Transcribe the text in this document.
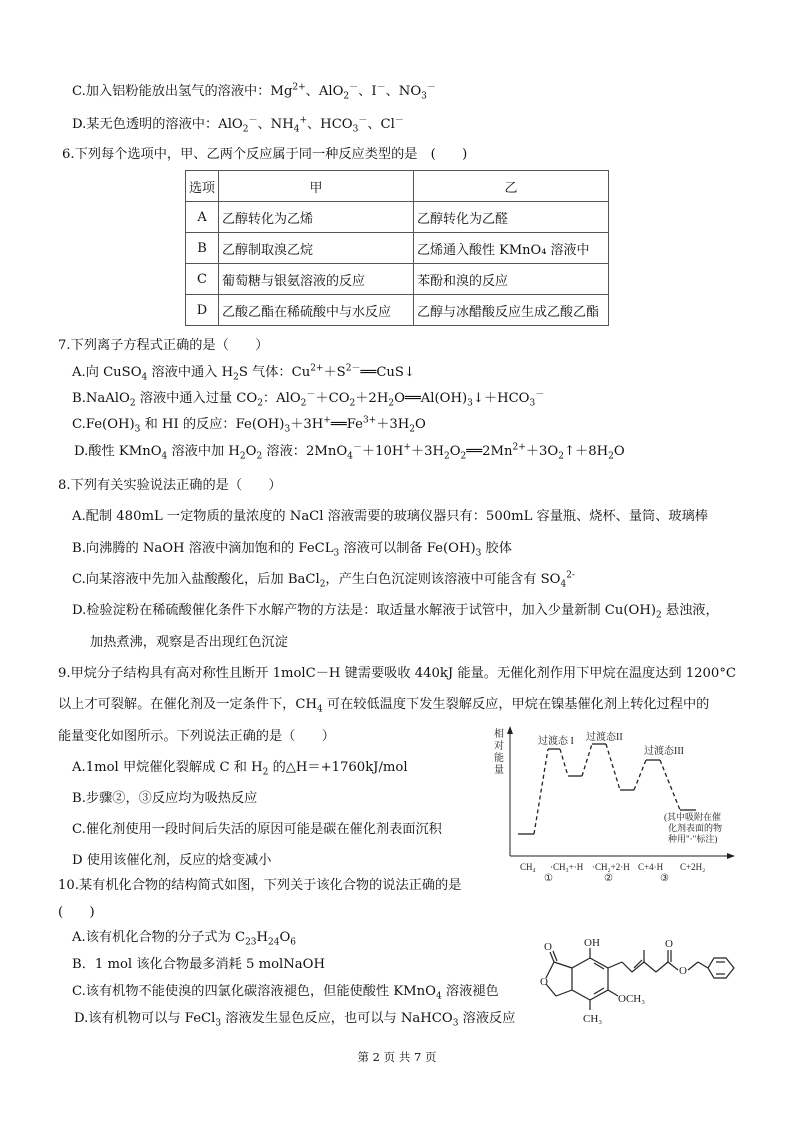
C.加入铝粉能放出氢气的溶液中：$Mg^{2+}$、AlO$_2$－、I－、$NO_3^-$
D.某无色透明的溶液中：AlO$_2$－、$NH_4^+$、$HCO_3^-$、Cl－
6.下列每个选项中，甲、乙两个反应属于同一种反应类型的是　(　　)
选项	甲	乙
A	乙醇转化为乙烯	乙醇转化为乙醛
B	乙醇制取溴乙烷	乙烯通入酸性 KMnO₄ 溶液中
C	葡萄糖与银氨溶液的反应	苯酚和溴的反应
D	乙酸乙酯在稀硫酸中与水反应	乙醇与冰醋酸反应生成乙酸乙酯
7.下列离子方程式正确的是（　　）
A.向 CuSO$_4$ 溶液中通入 $H_2S$ 气体：$Cu^{2+}+S^{2-}══CuS↓$
B.NaAlO$_2$ 溶液中通入过量 $CO_2$：$AlO_2^-+CO_2+2H_2O══Al(OH)_3↓+HCO_3^-$
$C.Fe(OH)_3$ 和 HI 的反应：$Fe(OH)_3+3H^+══Fe^{3+}+3H_2O$
D.酸性 KMnO$_4$ 溶液中加 $H_2O_2$ 溶液：$2MnO_4^-+10H^++3H_2O_2══2Mn^{2+}+3O_2↑+8H_2O$
8.下列有关实验说法正确的是（　　）
A.配制 480mL 一定物质的量浓度的 NaCl 溶液需要的玻璃仪器只有：500mL 容量瓶、烧杯、量筒、玻璃棒
B.向沸腾的 NaOH 溶液中滴加饱和的 FeCL$_3$ 溶液可以制备 $Fe(OH)_3$ 胶体
C.向某溶液中先加入盐酸酸化，后加 BaCl$_2$，产生白色沉淀则该溶液中可能含有 $SO_4^{2-}$
D.检验淀粉在稀硫酸催化条件下水解产物的方法是：取适量水解液于试管中，加入少量新制 $Cu(OH)_2$ 悬浊液，
加热煮沸，观察是否出现红色沉淀
9.甲烷分子结构具有高对称性且断开 1molC－H 键需要吸收 440kJ 能量。无催化剂作用下甲烷在温度达到 1200°C
以上才可裂解。在催化剂及一定条件下，$CH_4$ 可在较低温度下发生裂解反应，甲烷在镍基催化剂上转化过程中的
能量变化如图所示。下列说法正确的是（　　）
A.1mol 甲烷催化裂解成 C 和 $H_2$ 的△H＝+1760kJ/mol
B.步骤②，③反应均为吸热反应
C.催化剂使用一段时间后失活的原因可能是碳在催化剂表面沉积
D 使用该催化剂，反应的焓变减小
相
对
能
量
过渡态 I 过渡态II
过渡态III
(其中吸附在催
化剂表面的物
种用"·"标注)
CH₄ ·CH₃+·H ·CH₂+2·H C+4·H C+2H₂
①	②	③
10.某有机化合物的结构简式如图，下列关于该化合物的说法正确的是
(　　)
A.该有机化合物的分子式为 $C_{23}H_{24}O_6$
B．1 mol 该化合物最多消耗 5 molNaOH
C.该有机物不能使溴的四氯化碳溶液褪色，但能使酸性 KMnO$_4$ 溶液褪色
D.该有机物可以与 FeCl$_3$ 溶液发生显色反应，也可以与 NaHCO$_3$ 溶液反应
OH
O
O
O
O
OCH₃
CH₃
第 2 页 共 7 页
